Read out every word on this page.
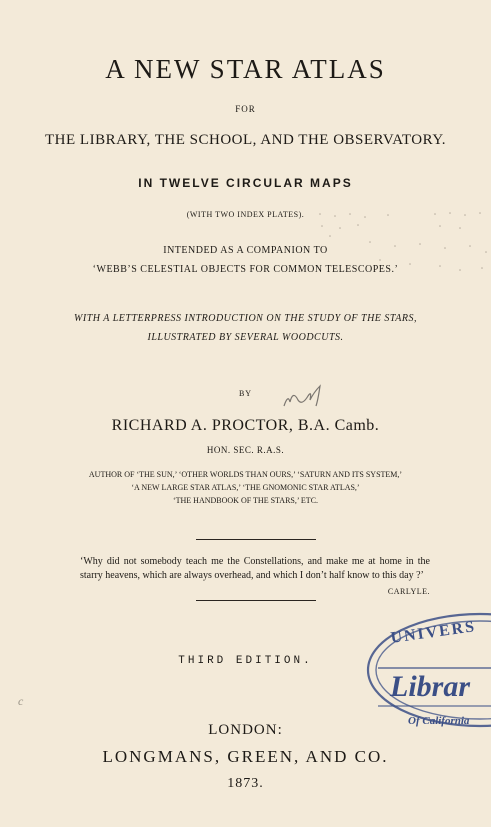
A NEW STAR ATLAS
FOR
THE LIBRARY, THE SCHOOL, AND THE OBSERVATORY.
IN TWELVE CIRCULAR MAPS
(WITH TWO INDEX PLATES).
INTENDED AS A COMPANION TO
‘WEBB’S CELESTIAL OBJECTS FOR COMMON TELESCOPES.’
WITH A LETTERPRESS INTRODUCTION ON THE STUDY OF THE STARS,
ILLUSTRATED BY SEVERAL WOODCUTS.
BY
RICHARD A. PROCTOR, B.A. Camb.
HON. SEC. R.A.S.
AUTHOR OF ‘THE SUN,’ ‘OTHER WORLDS THAN OURS,’ ‘SATURN AND ITS SYSTEM,’
‘A NEW LARGE STAR ATLAS,’ ‘THE GNOMONIC STAR ATLAS,’
‘THE HANDBOOK OF THE STARS,’ ETC.
‘Why did not somebody teach me the Constellations, and make me at home in the starry heavens, which are always overhead, and which I don’t half know to this day ?’
CARLYLE.
THIRD EDITION.
c
LONDON:
LONGMANS, GREEN, AND CO.
1873.
UNIVERS
Librar
Of California
